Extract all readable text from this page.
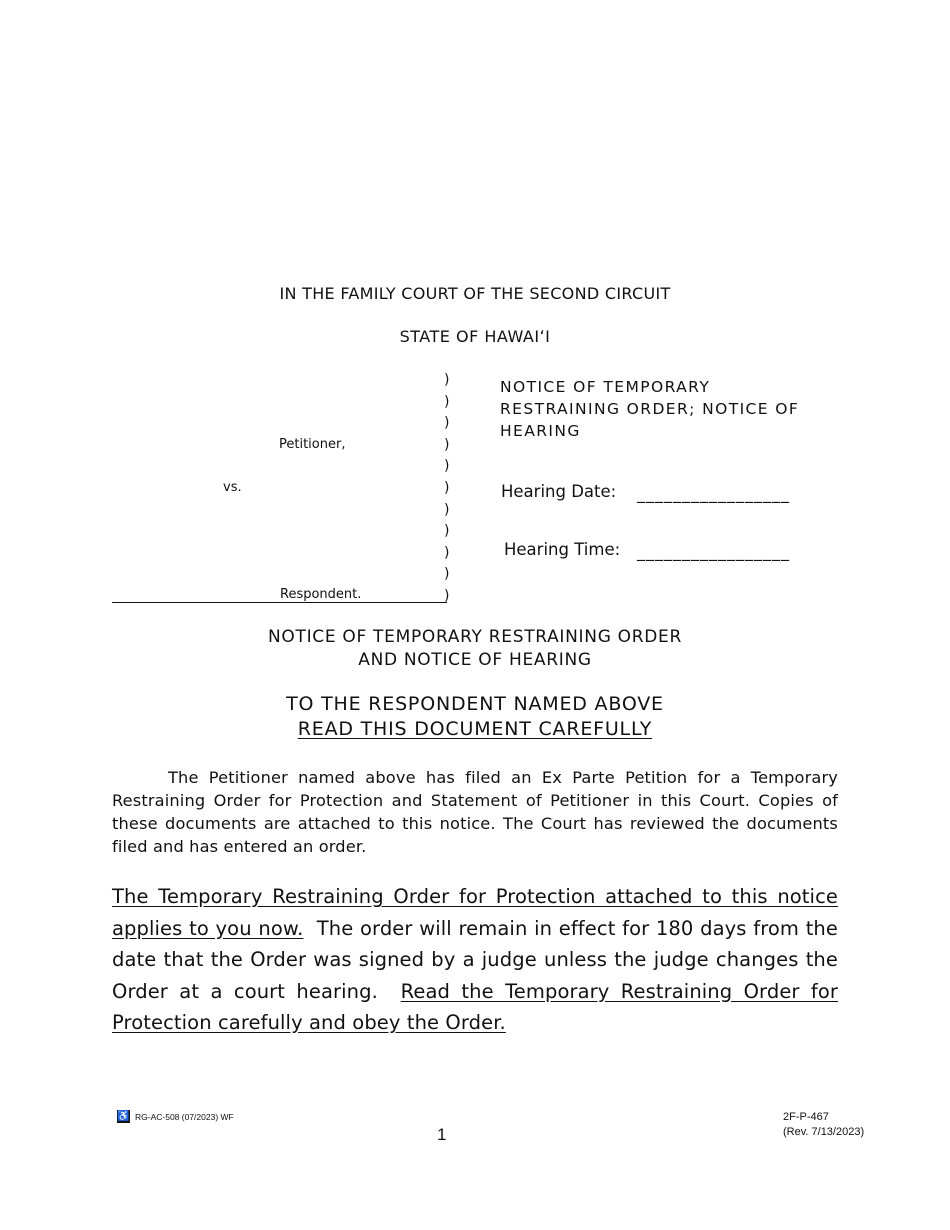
IN THE FAMILY COURT OF THE SECOND CIRCUIT
STATE OF HAWAIʻI
)
)
)
)
)
)
)
)
)
)
)
Petitioner,
vs.
Respondent.
NOTICE OF TEMPORARY RESTRAINING ORDER; NOTICE OF HEARING
Hearing Date: _________________
Hearing Time: _________________
NOTICE OF TEMPORARY RESTRAINING ORDER
AND NOTICE OF HEARING
TO THE RESPONDENT NAMED ABOVE
READ THIS DOCUMENT CAREFULLY
The Petitioner named above has filed an Ex Parte Petition for a Temporary Restraining Order for Protection and Statement of Petitioner in this Court. Copies of these documents are attached to this notice. The Court has reviewed the documents filed and has entered an order.
The Temporary Restraining Order for Protection attached to this notice applies to you now.  The order will remain in effect for 180 days from the date that the Order was signed by a judge unless the judge changes the Order at a court hearing.  Read the Temporary Restraining Order for Protection carefully and obey the Order.
♿ RG-AC-508 (07/2023) WF
1
2F-P-467
(Rev. 7/13/2023)
